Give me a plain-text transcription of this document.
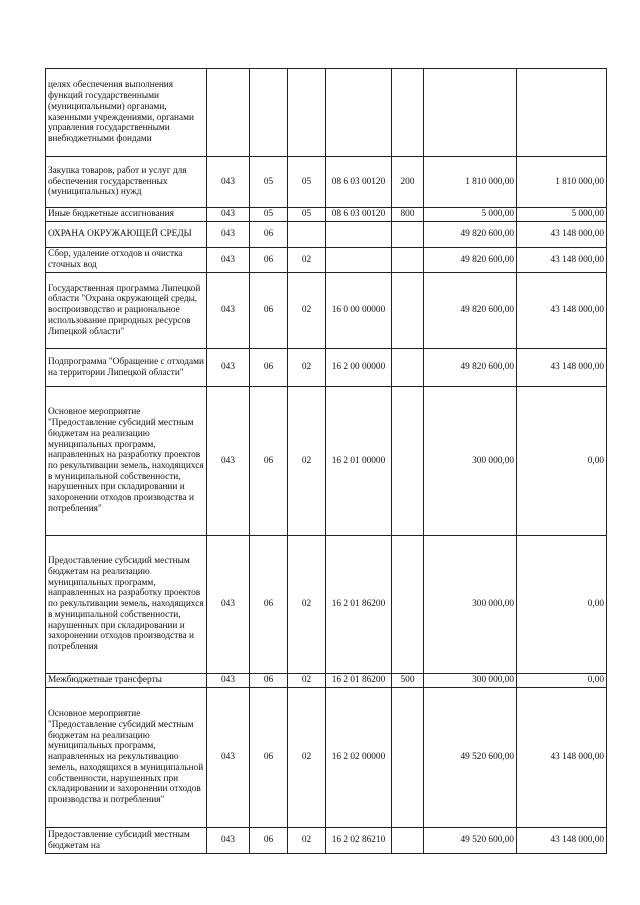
целях обеспечения выполнения функций государственными (муниципальными) органами, казенными учреждениями, органами управления государственными внебюджетными фондами							
Закупка товаров, работ и услуг для обеспечения государственных (муниципальных) нужд	043	05	05	08 6 03 00120	200	1 810 000,00	1 810 000,00
Иные бюджетные ассигнования	043	05	05	08 6 03 00120	800	5 000,00	5 000,00
ОХРАНА ОКРУЖАЮЩЕЙ СРЕДЫ	043	06				49 820 600,00	43 148 000,00
Сбор, удаление отходов и очистка сточных вод	043	06	02			49 820 600,00	43 148 000,00
Государственная программа Липецкой области "Охрана окружающей среды, воспроизводство и рациональное использование природных ресурсов Липецкой области"	043	06	02	16 0 00 00000		49 820 600,00	43 148 000,00
Подпрограмма "Обращение с отходами на территории Липецкой области"	043	06	02	16 2 00 00000		49 820 600,00	43 148 000,00
Основное мероприятие "Предоставление субсидий местным бюджетам на реализацию муниципальных программ, направленных на разработку проектов по рекультивации земель, находящихся в муниципальной собственности, нарушенных при складировании и захоронении отходов производства и потребления"	043	06	02	16 2 01 00000		300 000,00	0,00
Предоставление субсидий местным бюджетам на реализацию муниципальных программ, направленных на разработку проектов по рекультивации земель, находящихся в муниципальной собственности, нарушенных при складировании и захоронении отходов производства и потребления	043	06	02	16 2 01 86200		300 000,00	0,00
Межбюджетные трансферты	043	06	02	16 2 01 86200	500	300 000,00	0,00
Основное мероприятие "Предоставление субсидий местным бюджетам на реализацию муниципальных программ, направленных на рекультивацию земель, находящихся в муниципальной собственности, нарушенных при складировании и захоронении отходов производства и потребления"	043	06	02	16 2 02 00000		49 520 600,00	43 148 000,00
Предоставление субсидий местным бюджетам на	043	06	02	16 2 02 86210		49 520 600,00	43 148 000,00
